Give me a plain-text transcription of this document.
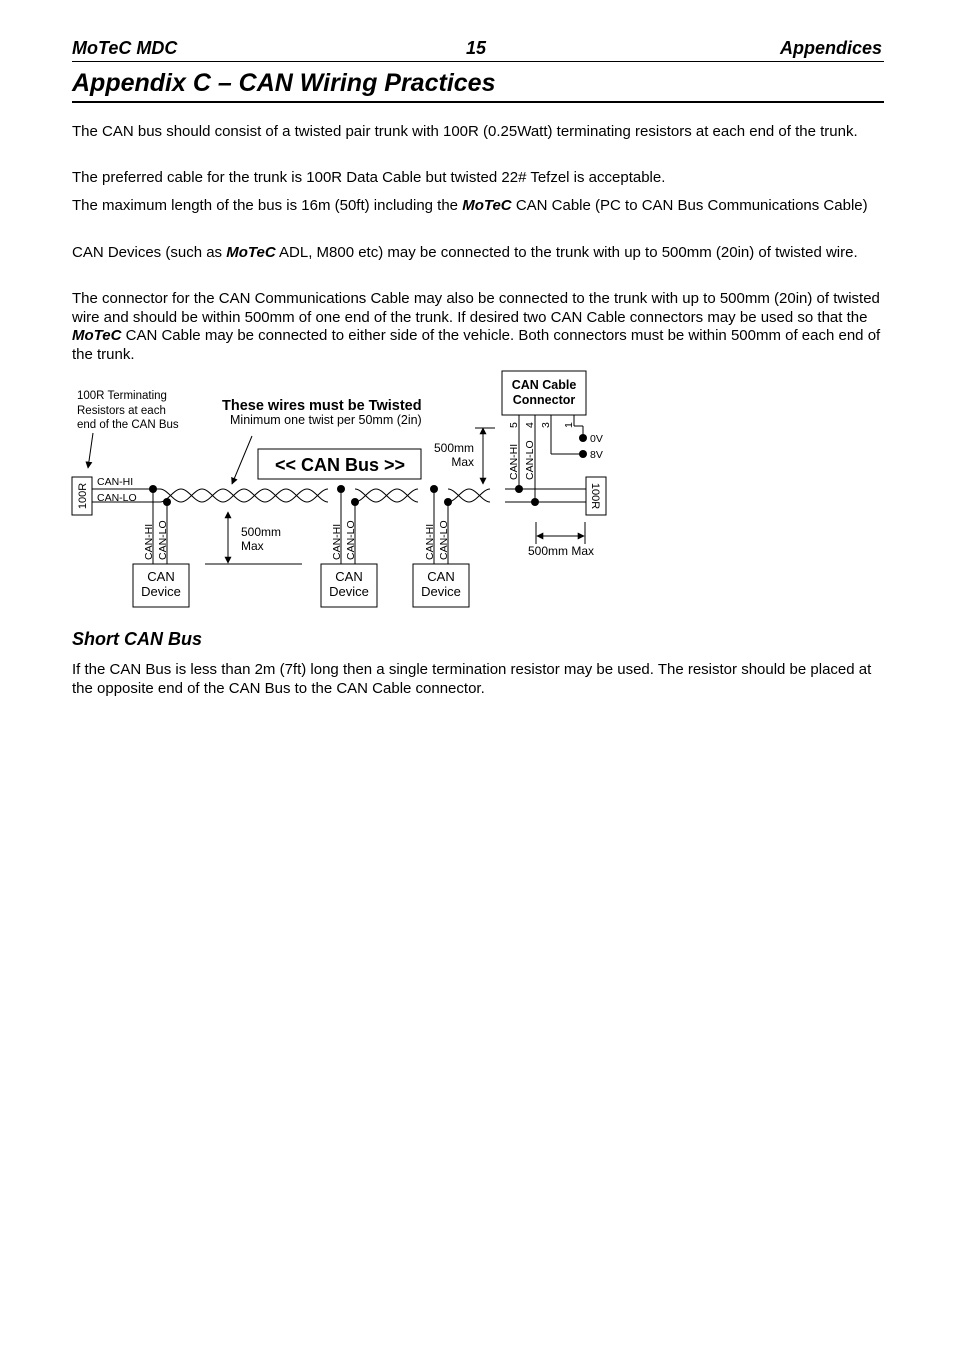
MoTeC MDC	15	Appendices
Appendix C – CAN Wiring Practices

The CAN bus should consist of a twisted pair trunk with 100R (0.25Watt) terminating resistors at each end of the trunk.

The preferred cable for the trunk is 100R Data Cable but twisted 22# Tefzel is acceptable.

The maximum length of the bus is 16m (50ft) including the MoTeC CAN Cable (PC to CAN Bus Communications Cable)

CAN Devices (such as MoTeC ADL, M800 etc) may be connected to the trunk with up to 500mm (20in) of twisted wire.

The connector for the CAN Communications Cable may also be connected to the trunk with up to 500mm (20in) of twisted wire and should be within 500mm of one end of the trunk. If desired two CAN Cable connectors may be used so that the MoTeC CAN Cable may be connected to either side of the vehicle. Both connectors must be within 500mm of each end of the trunk.

100R Terminating
Resistors at each
end of the CAN Bus
These wires must be Twisted
Minimum one twist per 50mm (2in)
<< CAN Bus >>
CAN-HI
CAN-LO
100R	100R
CAN-HI CAN-LO	CAN-HI CAN-LO	CAN-HI CAN-LO
CAN-HI CAN-LO
5 4 3 1
CAN
Device
CAN
Device
CAN
Device
CAN Cable
Connector
0V
8V
500mm
Max
500mm
Max
500mm Max
Short CAN Bus

If the CAN Bus is less than 2m (7ft) long then a single termination resistor may be used. The resistor should be placed at the opposite end of the CAN Bus to the CAN Cable connector.
